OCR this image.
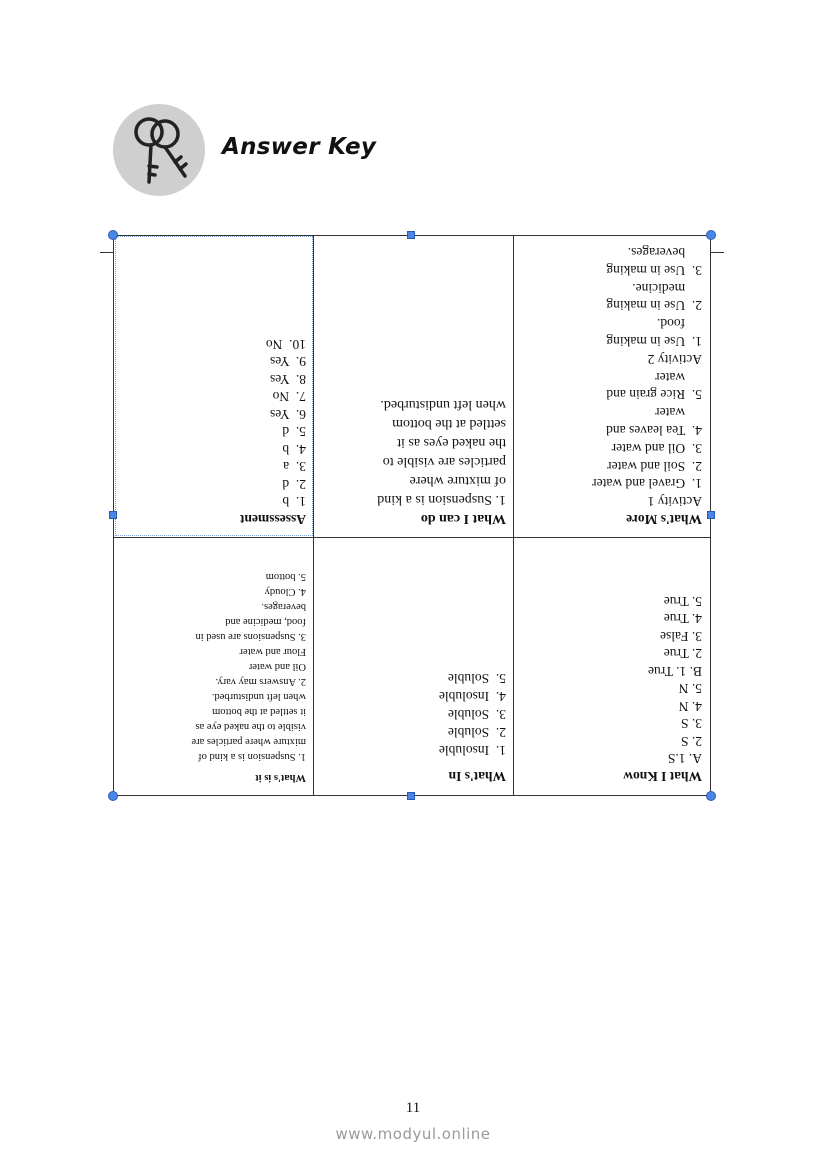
Answer Key
What I Know
A. 1.S
2. S
3. S
4. N
5. N
B. 1. True
2. True
3. False
4. True
5. True
What's In
1.  Insoluble
2.  Soluble
3.  Soluble
4.  Insoluble
5.  Soluble
What's is it
1. Suspension is a kind of
mixture where particles are
visible to the naked eye as
it settled at the bottom
when left undisturbed.
2. Answers may vary.
Oil and water
Flour and water
3. Suspensions are used in
food, medicine and
beverages.
4. Cloudy
5. bottom
What's More
Activity 1
1.  Gravel and water
2.  Soil and water
3.  Oil and water
4.  Tea leaves and
water
5.  Rice grain and
water
Activity 2
1.  Use in making
food.
2.  Use in making
medicine.
3.  Use in making
beverages.
What I can do
1. Suspension is a kind
of mixture where
particles are visible to
the naked eyes as it
settled at the bottom
when left undisturbed.
Assessment
1.  b
2.  d
3.  a
4.  b
5.  d
6.  Yes
7.  No
8.  Yes
9.  Yes
10.  No
11
www.modyul.online
